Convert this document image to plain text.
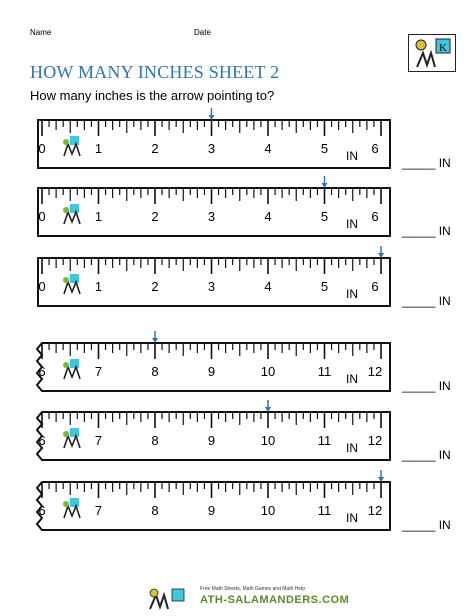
Name	Date
K
HOW MANY INCHES SHEET 2
How many inches is the arrow pointing to?
0	1	2	3	4	5	6
IN	_____ IN
0	1	2	3	4	5	6
IN	_____ IN
0	1	2	3	4	5	6
IN	_____ IN
6	7	8	9	10	11	12
IN	_____ IN
6	7	8	9	10	11	12
IN	_____ IN
6	7	8	9	10	11	12
IN	_____ IN
Free Math Sheets, Math Games and Math Help
ATH-SALAMANDERS.COM
